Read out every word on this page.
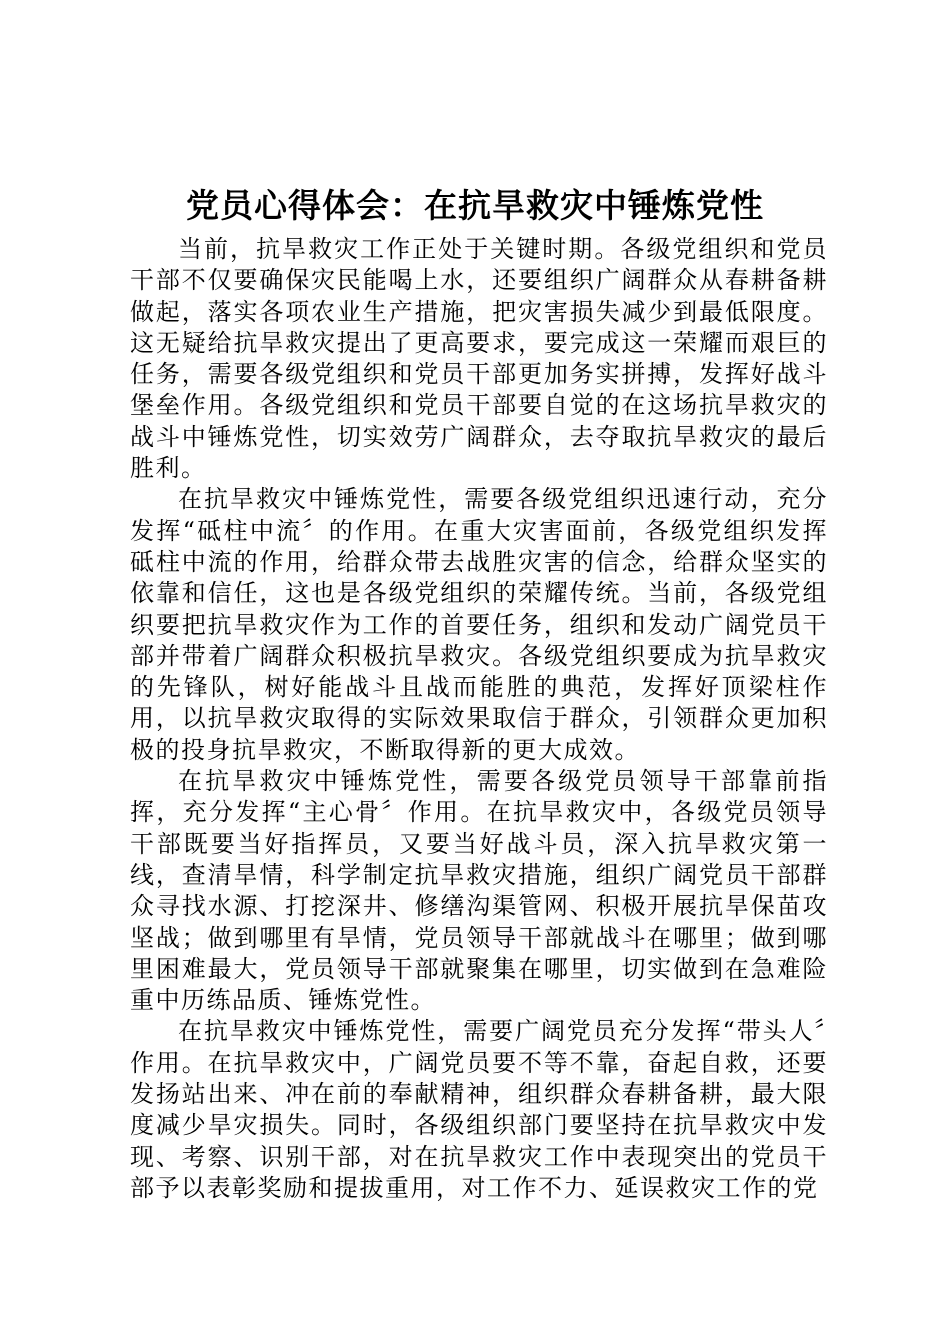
党员心得体会：在抗旱救灾中锤炼党性

当前，抗旱救灾工作正处于关键时期。各级党组织和党员干部不仅要确保灾民能喝上水，还要组织广阔群众从春耕备耕做起，落实各项农业生产措施，把灾害损失减少到最低限度。这无疑给抗旱救灾提出了更高要求，要完成这一荣耀而艰巨的任务，需要各级党组织和党员干部更加务实拼搏，发挥好战斗堡垒作用。各级党组织和党员干部要自觉的在这场抗旱救灾的战斗中锤炼党性，切实效劳广阔群众，去夺取抗旱救灾的最后胜利。

在抗旱救灾中锤炼党性，需要各级党组织迅速行动，充分发挥“砥柱中流〞的作用。在重大灾害面前，各级党组织发挥砥柱中流的作用，给群众带去战胜灾害的信念，给群众坚实的依靠和信任，这也是各级党组织的荣耀传统。当前，各级党组织要把抗旱救灾作为工作的首要任务，组织和发动广阔党员干部并带着广阔群众积极抗旱救灾。各级党组织要成为抗旱救灾的先锋队，树好能战斗且战而能胜的典范，发挥好顶梁柱作用，以抗旱救灾取得的实际效果取信于群众，引领群众更加积极的投身抗旱救灾，不断取得新的更大成效。

在抗旱救灾中锤炼党性，需要各级党员领导干部靠前指挥，充分发挥“主心骨〞作用。在抗旱救灾中，各级党员领导干部既要当好指挥员，又要当好战斗员，深入抗旱救灾第一线，查清旱情，科学制定抗旱救灾措施，组织广阔党员干部群众寻找水源、打挖深井、修缮沟渠管网、积极开展抗旱保苗攻坚战；做到哪里有旱情，党员领导干部就战斗在哪里；做到哪里困难最大，党员领导干部就聚集在哪里，切实做到在急难险重中历练品质、锤炼党性。

在抗旱救灾中锤炼党性，需要广阔党员充分发挥“带头人〞作用。在抗旱救灾中，广阔党员要不等不靠，奋起自救，还要发扬站出来、冲在前的奉献精神，组织群众春耕备耕，最大限度减少旱灾损失。同时，各级组织部门要坚持在抗旱救灾中发现、考察、识别干部，对在抗旱救灾工作中表现突出的党员干部予以表彰奖励和提拔重用，对工作不力、延误救灾工作的党
